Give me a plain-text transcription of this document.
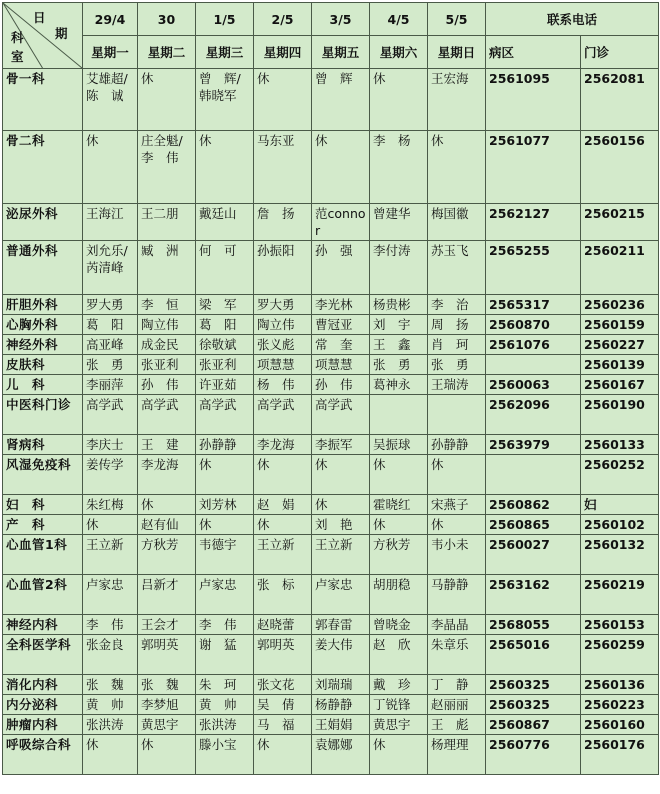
日
期
科
室	29/4	30	1/5	2/5	3/5	4/5	5/5	联系电话	
	星期一	星期二	星期三	星期四	星期五	星期六	星期日	病区	门诊
骨一科	艾雄超/　陈　诚	休	曾　辉/韩晓军	休	曾　辉	休	王宏海	2561095	2562081
骨二科	休	庄全魁/　李　伟	休	马东亚	休	李　杨	休	2561077	2560156
泌尿外科	王海江	王二朋	戴廷山	詹　扬	范connor	曾建华	梅国徽	2562127	2560215
普通外科	刘允乐/芮清峰	臧　洲	何　可	孙振阳	孙　强	李付涛	苏玉飞	2565255	2560211
肝胆外科	罗大勇	李　恒	梁　军	罗大勇	李光林	杨贵彬	李　治	2565317	2560236
心胸外科	葛　阳	陶立伟	葛　阳	陶立伟	曹冠亚	刘　宇	周　扬	2560870	2560159
神经外科	高亚峰	成金民	徐敬斌	张义彪	常　奎	王　鑫	肖　珂	2561076	2560227
皮肤科	张　勇	张亚利	张亚利	项慧慧	项慧慧	张　勇	张　勇		2560139
儿　科	李丽萍	孙　伟	许亚茹	杨　伟	孙　伟	葛神永	王瑞涛	2560063	2560167
中医科门诊	高学武	高学武	高学武	高学武	高学武			2562096	2560190
肾病科	李庆士	王　建	孙静静	李龙海	李振军	吴振球	孙静静	2563979	2560133
风湿免疫科	姜传学	李龙海	休	休	休	休	休		2560252
妇　科	朱红梅	休	刘芳林	赵　娟	休	霍晓红	宋燕子	2560862	妇
产　科	休	赵有仙	休	休	刘　艳	休	休	2560865	2560102
心血管1科	王立新	方秋芳	韦德宇	王立新	王立新	方秋芳	韦小未	2560027	2560132
心血管2科	卢家忠	吕新才	卢家忠	张　标	卢家忠	胡朋稳	马静静	2563162	2560219
神经内科	李　伟	王会才	李　伟	赵晓蕾	郭春雷	曾晓金	李晶晶	2568055	2560153
全科医学科	张金良	郭明英	谢　猛	郭明英	姜大伟	赵　欣	朱章乐	2565016	2560259
消化内科	张　魏	张　魏	朱　珂	张文花	刘瑞瑞	戴　珍	丁　静	2560325	2560136
内分泌科	黄　帅	李梦旭	黄　帅	吴　倩	杨静静	丁锐锋	赵丽丽	2560325	2560223
肿瘤内科	张洪涛	黄思宇	张洪涛	马　福	王娟娟	黄思宇	王　彪	2560867	2560160
呼吸综合科	休	休	滕小宝	休	袁娜娜	休	杨理理	2560776	2560176
